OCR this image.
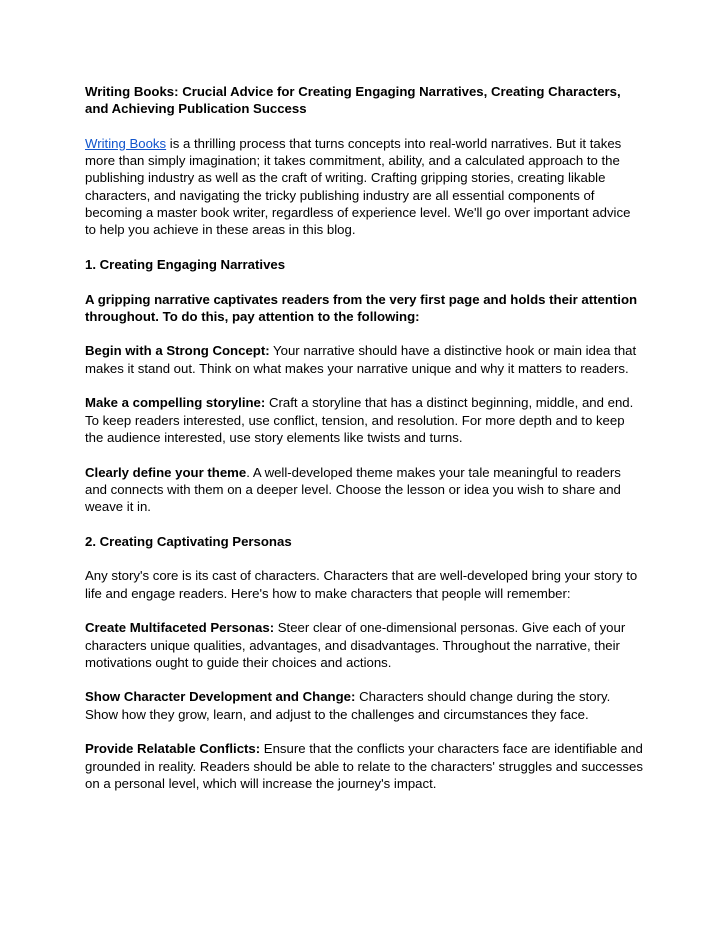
Writing Books: Crucial Advice for Creating Engaging Narratives, Creating Characters, and Achieving Publication Success

Writing Books is a thrilling process that turns concepts into real-world narratives. But it takes more than simply imagination; it takes commitment, ability, and a calculated approach to the publishing industry as well as the craft of writing. Crafting gripping stories, creating likable characters, and navigating the tricky publishing industry are all essential components of becoming a master book writer, regardless of experience level. We'll go over important advice to help you achieve in these areas in this blog.

1. Creating Engaging Narratives

A gripping narrative captivates readers from the very first page and holds their attention throughout. To do this, pay attention to the following:

Begin with a Strong Concept: Your narrative should have a distinctive hook or main idea that makes it stand out. Think on what makes your narrative unique and why it matters to readers.

Make a compelling storyline: Craft a storyline that has a distinct beginning, middle, and end. To keep readers interested, use conflict, tension, and resolution. For more depth and to keep the audience interested, use story elements like twists and turns.

Clearly define your theme. A well-developed theme makes your tale meaningful to readers and connects with them on a deeper level. Choose the lesson or idea you wish to share and weave it in.

2. Creating Captivating Personas

Any story's core is its cast of characters. Characters that are well-developed bring your story to life and engage readers. Here's how to make characters that people will remember:

Create Multifaceted Personas: Steer clear of one-dimensional personas. Give each of your characters unique qualities, advantages, and disadvantages. Throughout the narrative, their motivations ought to guide their choices and actions.

Show Character Development and Change: Characters should change during the story. Show how they grow, learn, and adjust to the challenges and circumstances they face.

Provide Relatable Conflicts: Ensure that the conflicts your characters face are identifiable and grounded in reality. Readers should be able to relate to the characters' struggles and successes on a personal level, which will increase the journey's impact.
